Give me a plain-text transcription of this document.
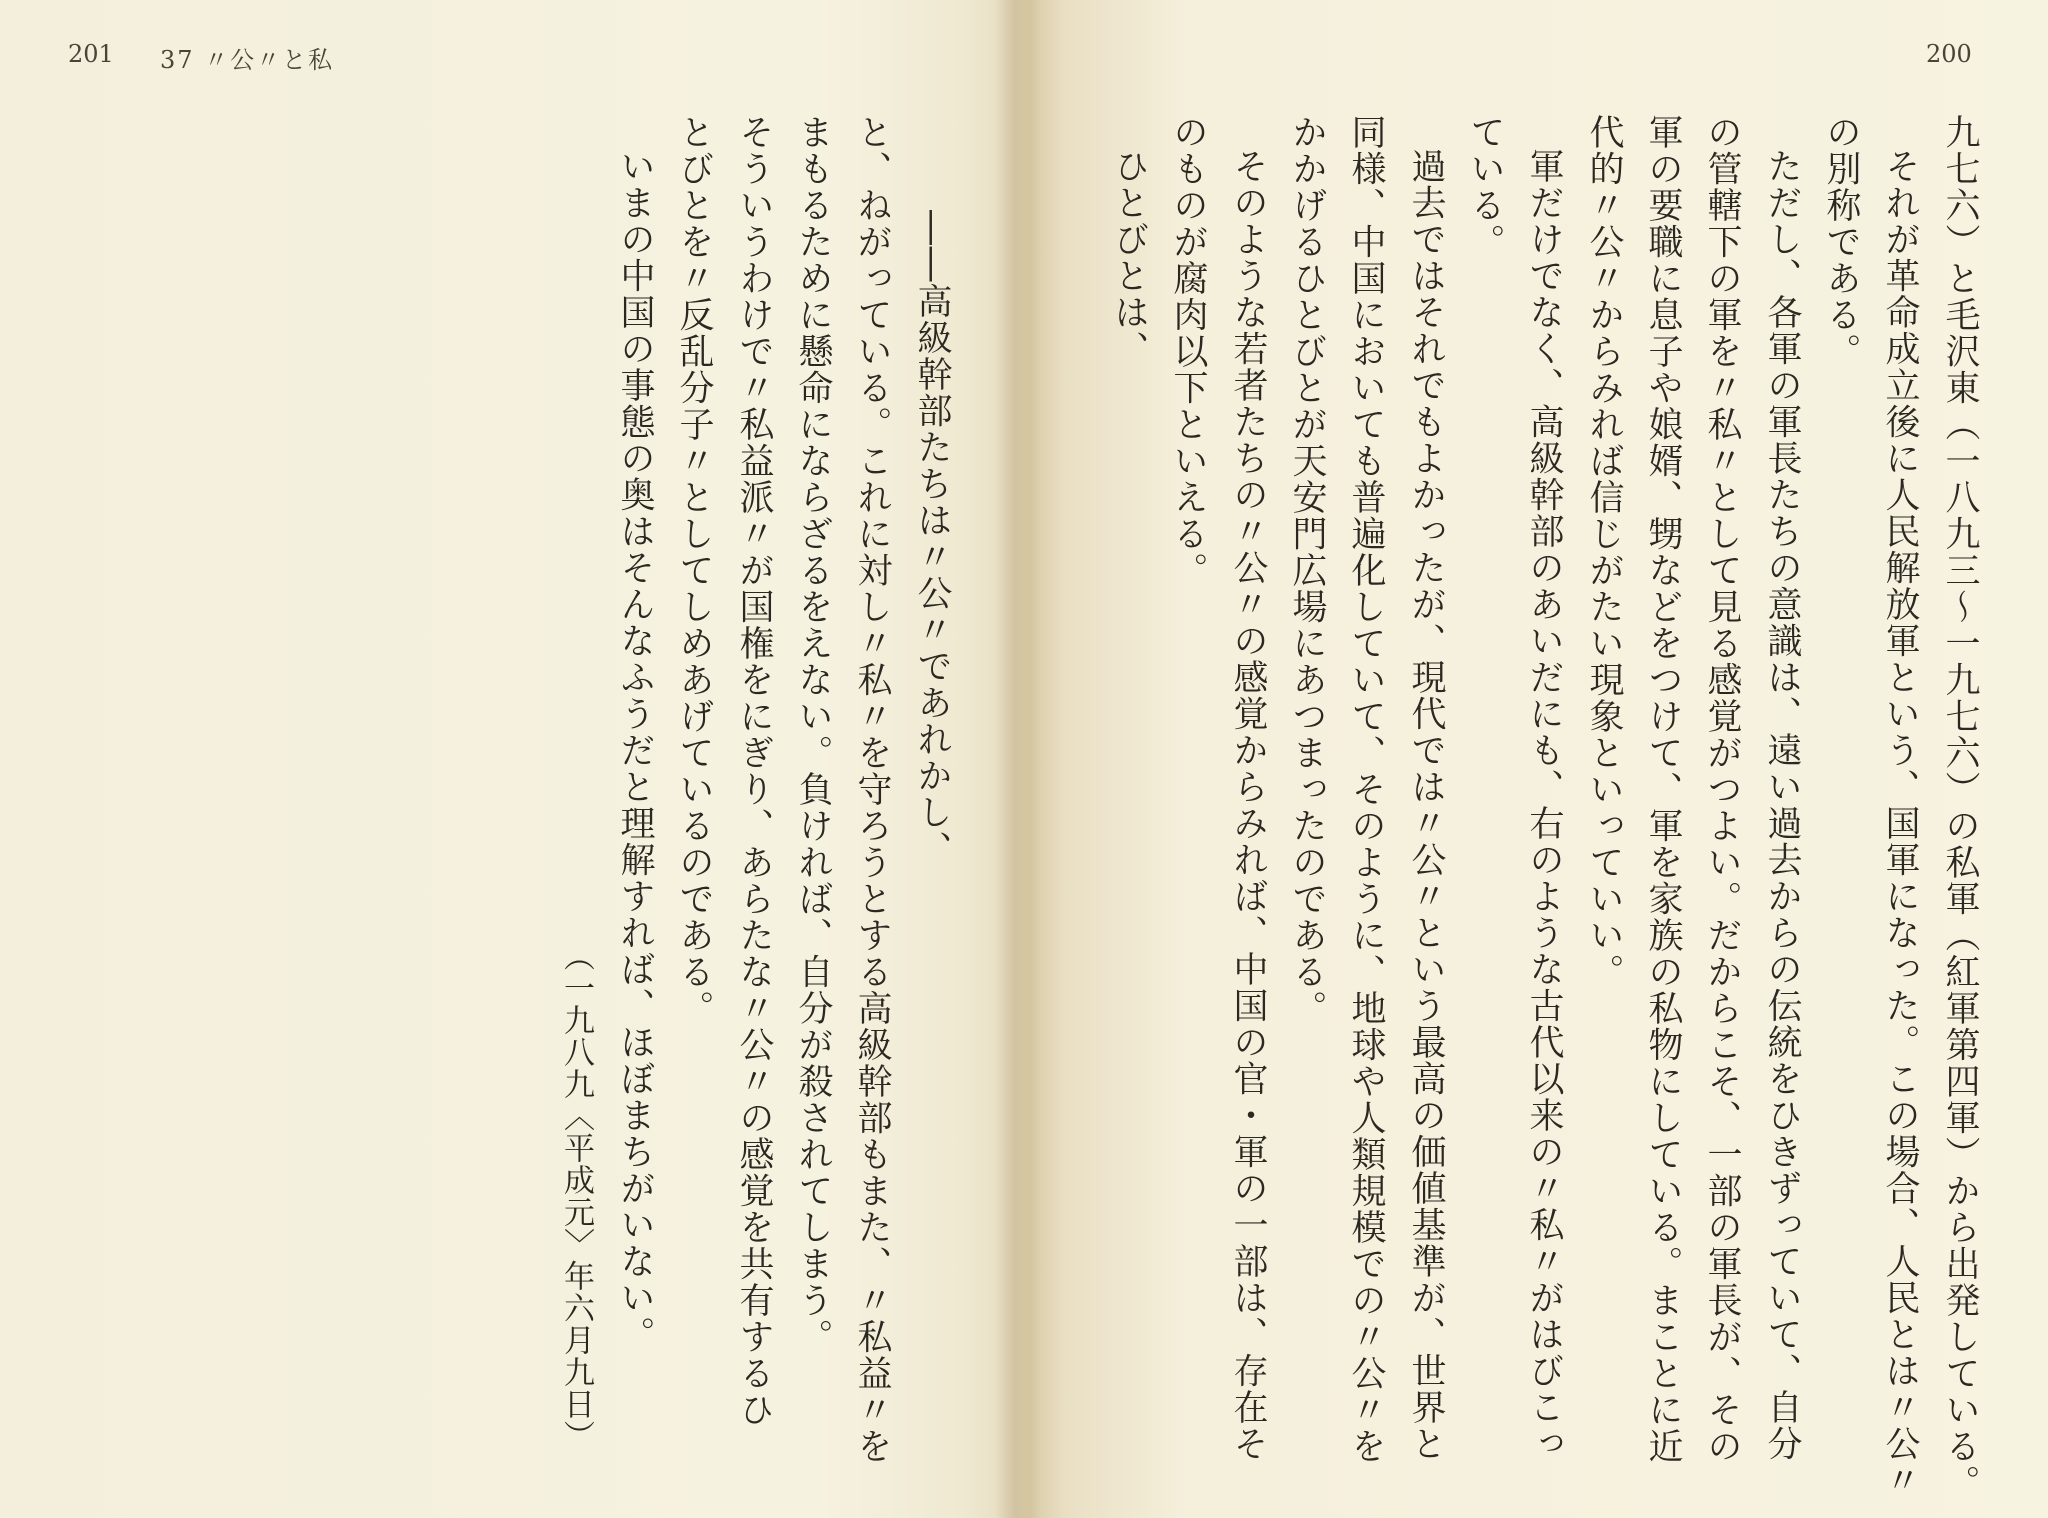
201 37 〃公〃と私	200
九七六）と毛沢東（一八九三～一九七六）の私軍（紅軍第四軍）から出発している。
それが革命成立後に人民解放軍という、国軍になった。この場合、人民とは〃公〃
の別称である。
ただし、各軍の軍長たちの意識は、遠い過去からの伝統をひきずっていて、自分
の管轄下の軍を〃私〃として見る感覚がつよい。だからこそ、一部の軍長が、その
軍の要職に息子や娘婿、甥などをつけて、軍を家族の私物にしている。まことに近
代的〃公〃からみれば信じがたい現象といっていい。
軍だけでなく、高級幹部のあいだにも、右のような古代以来の〃私〃がはびこっ
ている。
過去ではそれでもよかったが、現代では〃公〃という最高の価値基準が、世界と
同様、中国においても普遍化していて、そのように、地球や人類規模での〃公〃を
かかげるひとびとが天安門広場にあつまったのである。
そのような若者たちの〃公〃の感覚からみれば、中国の官・軍の一部は、存在そ
のものが腐肉以下といえる。
ひとびとは、
――高級幹部たちは〃公〃であれかし、
と、ねがっている。これに対し〃私〃を守ろうとする高級幹部もまた、〃私益〃を
まもるために懸命にならざるをえない。負ければ、自分が殺されてしまう。
そういうわけで〃私益派〃が国権をにぎり、あらたな〃公〃の感覚を共有するひ
とびとを〃反乱分子〃としてしめあげているのである。
いまの中国の事態の奥はそんなふうだと理解すれば、ほぼまちがいない。
（一九八九〈平成元〉年六月九日）
